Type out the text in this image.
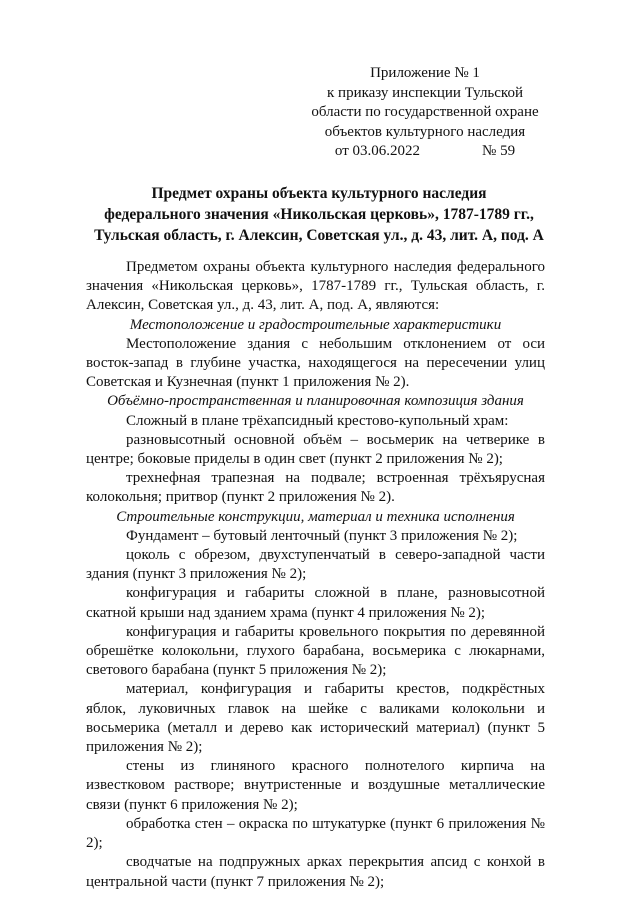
Приложение № 1
к приказу инспекции Тульской
области по государственной охране
объектов культурного наследия
от 03.06.2022	№ 59
Предмет охраны объекта культурного наследия
федерального значения «Никольская церковь», 1787-1789 гг.,
Тульская область, г. Алексин, Советская ул., д. 43, лит. А, под. А

Предметом охраны объекта культурного наследия федерального значения «Никольская церковь», 1787-1789 гг., Тульская область, г. Алексин, Советская ул., д. 43, лит. А, под. А, являются:

Местоположение и градостроительные характеристики

Местоположение здания с небольшим отклонением от оси восток-запад в глубине участка, находящегося на пересечении улиц Советская и Кузнечная (пункт 1 приложения № 2).

Объёмно-пространственная и планировочная композиция здания

Сложный в плане трёхапсидный крестово-купольный храм:

разновысотный основной объём – восьмерик на четверике в центре; боковые приделы в один свет (пункт 2 приложения № 2);

трехнефная трапезная на подвале; встроенная трёхъярусная колокольня; притвор (пункт 2 приложения № 2).

Строительные конструкции, материал и техника исполнения

Фундамент – бутовый ленточный (пункт 3 приложения № 2);

цоколь с обрезом, двухступенчатый в северо-западной части здания (пункт 3 приложения № 2);

конфигурация и габариты сложной в плане, разновысотной скатной крыши над зданием храма (пункт 4 приложения № 2);

конфигурация и габариты кровельного покрытия по деревянной обрешётке колокольни, глухого барабана, восьмерика с люкарнами, светового барабана (пункт 5 приложения № 2);

материал, конфигурация и габариты крестов, подкрёстных яблок, луковичных главок на шейке с валиками колокольни и восьмерика (металл и дерево как исторический материал) (пункт 5 приложения № 2);

стены из глиняного красного полнотелого кирпича на известковом растворе; внутристенные и воздушные металлические связи (пункт 6 приложения № 2);

обработка стен – окраска по штукатурке (пункт 6 приложения № 2);

сводчатые на подпружных арках перекрытия апсид с конхой в центральной части (пункт 7 приложения № 2);
